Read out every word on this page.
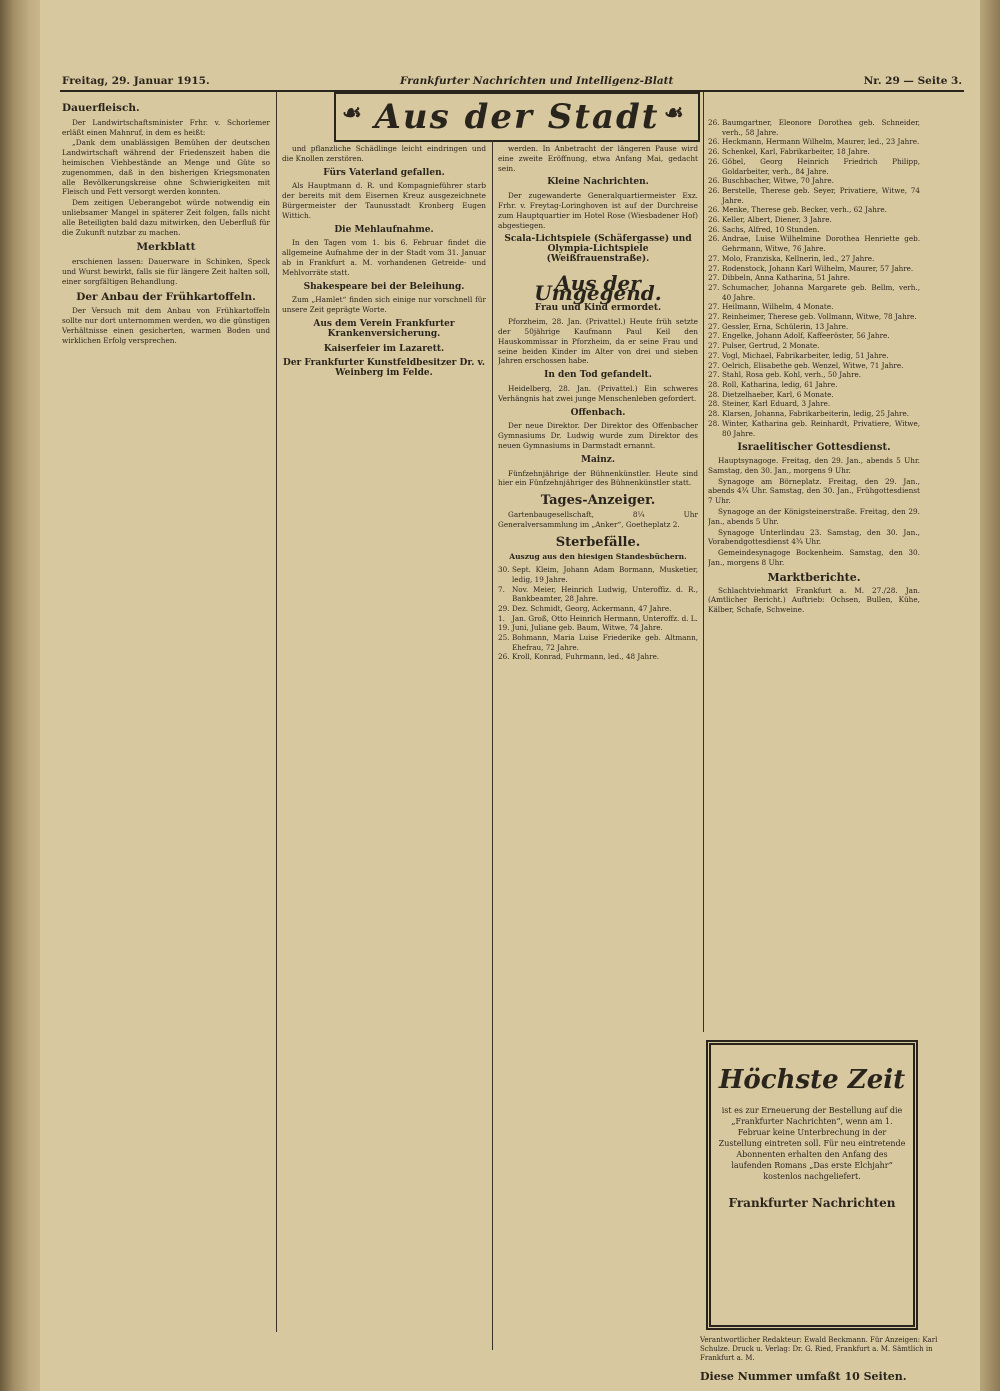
Freitag, 29. Januar 1915.	Frankfurter Nachrichten und Intelligenz-Blatt	Nr. 29 — Seite 3.
Aus der Stadt
☙	☙
Dauerfleisch.

Der Landwirtschaftsminister Frhr. v. Schorlemer erläßt einen Mahnruf, in dem es heißt:

„Dank dem unablässigen Bemühen der deutschen Landwirtschaft während der Friedenszeit haben die heimischen Viehbestände an Menge und Güte so zugenommen, daß in den bisherigen Kriegsmonaten alle Bevölkerungskreise ohne Schwierigkeiten mit Fleisch und Fett versorgt werden konnten.

Dem zeitigen Ueberangebot würde notwendig ein unliebsamer Mangel in späterer Zeit folgen, falls nicht alle Beteiligten bald dazu mitwirken, den Ueberfluß für die Zukunft nutzbar zu machen.

Merkblatt

erschienen lassen: Dauerware in Schinken, Speck und Wurst bewirkt, falls sie für längere Zeit halten soll, einer sorgfältigen Behandlung.

Der Anbau der Frühkartoffeln.

Der Versuch mit dem Anbau von Frühkartoffeln sollte nur dort unternommen werden, wo die günstigen Verhältnisse einen gesicherten, warmen Boden und wirklichen Erfolg versprechen.

und pflanzliche Schädlinge leicht eindringen und die Knollen zerstören.

Fürs Vaterland gefallen.

Als Hauptmann d. R. und Kompagnieführer starb der bereits mit dem Eisernen Kreuz ausgezeichnete Bürgermeister der Taunusstadt Kronberg Eugen Wittich.

Die Mehlaufnahme.

In den Tagen vom 1. bis 6. Februar findet die allgemeine Aufnahme der in der Stadt vom 31. Januar ab in Frankfurt a. M. vorhandenen Getreide- und Mehlvorräte statt.

Shakespeare bei der Beleihung.

Zum „Hamlet“ finden sich einige nur vorschnell für unsere Zeit geprägte Worte.

Aus dem Verein Frankfurter Krankenversicherung.
Kaiserfeier im Lazarett.
Der Frankfurter Kunstfeldbesitzer Dr. v. Weinberg im Felde.

werden. In Anbetracht der längeren Pause wird eine zweite Eröffnung, etwa Anfang Mai, gedacht sein.

Kleine Nachrichten.

Der zugewanderte Generalquartiermeister Exz. Frhr. v. Freytag-Loringhoven ist auf der Durchreise zum Hauptquartier im Hotel Rose (Wiesbadener Hof) abgestiegen.

Scala-Lichtspiele (Schäfergasse) und Olympia-Lichtspiele (Weißfrauenstraße).
Aus der Umgegend.
Frau und Kind ermordet.

Pforzheim, 28. Jan. (Privattel.) Heute früh setzte der 50jährige Kaufmann Paul Keil den Hauskommissar in Pforzheim, da er seine Frau und seine beiden Kinder im Alter von drei und sieben Jahren erschossen habe.

In den Tod gefandelt.

Heidelberg, 28. Jan. (Privattel.) Ein schweres Verhängnis hat zwei junge Menschenleben gefordert.

Offenbach.

Der neue Direktor. Der Direktor des Offenbacher Gymnasiums Dr. Ludwig wurde zum Direktor des neuen Gymnasiums in Darmstadt ernannt.

Mainz.

Fünfzehnjährige der Bühnenkünstler. Heute sind hier ein Fünfzehnjähriger des Bühnenkünstler statt.

Tages-Anzeiger.

Gartenbaugesellschaft, 8¼ Uhr Generalversammlung im „Anker“, Goetheplatz 2.

Sterbefälle.
Auszug aus den hiesigen Standesbüchern.
30. Sept. Kleim, Johann Adam Bormann, Musketier, ledig, 19 Jahre.
7. Nov. Meier, Heinrich Ludwig, Unteroffiz. d. R., Bankbeamter, 28 Jahre.
29. Dez. Schmidt, Georg, Ackermann, 47 Jahre.
1. Jan. Groß, Otto Heinrich Hermann, Unteroffz. d. L.
19. Juni, Juliane geb. Baum, Witwe, 74 Jahre.
25. Bohmann, Maria Luise Friederike geb. Altmann, Ehefrau, 72 Jahre.
26. Kroll, Konrad, Fuhrmann, led., 48 Jahre.
26. Baumgartner, Eleonore Dorothea geb. Schneider, verh., 58 Jahre.
26. Heckmann, Hermann Wilhelm, Maurer, led., 23 Jahre.
26. Schenkel, Karl, Fabrikarbeiter, 18 Jahre.
26. Göbel, Georg Heinrich Friedrich Philipp, Goldarbeiter, verh., 84 Jahre.
26. Buschbacher, Witwe, 70 Jahre.
26. Berstelle, Therese geb. Seyer, Privatiere, Witwe, 74 Jahre.
26. Menke, Therese geb. Becker, verh., 62 Jahre.
26. Keller, Albert, Diener, 3 Jahre.
26. Sachs, Alfred, 10 Stunden.
26. Andrae, Luise Wilhelmine Dorothea Henriette geb. Gehrmann, Witwe, 76 Jahre.
27. Molo, Franziska, Kellnerin, led., 27 Jahre.
27. Rodenstock, Johann Karl Wilhelm, Maurer, 57 Jahre.
27. Dibbeln, Anna Katharina, 51 Jahre.
27. Schumacher, Johanna Margarete geb. Bellm, verh., 40 Jahre.
27. Heilmann, Wilhelm, 4 Monate.
27. Reinheimer, Therese geb. Vollmann, Witwe, 78 Jahre.
27. Gessler, Erna, Schülerin, 13 Jahre.
27. Engelke, Johann Adolf, Kaffeeröster, 56 Jahre.
27. Pulser, Gertrud, 2 Monate.
27. Vogl, Michael, Fabrikarbeiter, ledig, 51 Jahre.
27. Oelrich, Elisabethe geb. Wenzel, Witwe, 71 Jahre.
27. Stahl, Rosa geb. Kohl, verh., 50 Jahre.
28. Roll, Katharina, ledig, 61 Jahre.
28. Dietzelhaeber, Karl, 6 Monate.
28. Steiner, Karl Eduard, 3 Jahre.
28. Klarsen, Johanna, Fabrikarbeiterin, ledig, 25 Jahre.
28. Winter, Katharina geb. Reinhardt, Privatiere, Witwe, 80 Jahre.
Israelitischer Gottesdienst.

Hauptsynagoge. Freitag, den 29. Jan., abends 5 Uhr. Samstag, den 30. Jan., morgens 9 Uhr.

Synagoge am Börneplatz. Freitag, den 29. Jan., abends 4¾ Uhr. Samstag, den 30. Jan., Frühgottesdienst 7 Uhr.

Synagoge an der Königsteinerstraße. Freitag, den 29. Jan., abends 5 Uhr.

Synagoge Unterlindau 23. Samstag, den 30. Jan., Vorabendgottesdienst 4¾ Uhr.

Gemeindesynagoge Bockenheim. Samstag, den 30. Jan., morgens 8 Uhr.

Marktberichte.

Schlachtviehmarkt Frankfurt a. M. 27./28. Jan. (Amtlicher Bericht.) Auftrieb: Ochsen, Bullen, Kühe, Kälber, Schafe, Schweine.

Höchste Zeit
ist es zur Erneuerung der Bestellung auf die „Frankfurter Nachrichten“, wenn am 1. Februar keine Unterbrechung in der Zustellung eintreten soll. Für neu eintretende Abonnenten erhalten den Anfang des laufenden Romans „Das erste Elchjahr“ kostenlos nachgeliefert.
Frankfurter Nachrichten
Verantwortlicher Redakteur: Ewald Beckmann. Für Anzeigen: Karl Schulze. Druck u. Verlag: Dr. G. Ried, Frankfurt a. M. Sämtlich in Frankfurt a. M.
Diese Nummer umfaßt 10 Seiten.
